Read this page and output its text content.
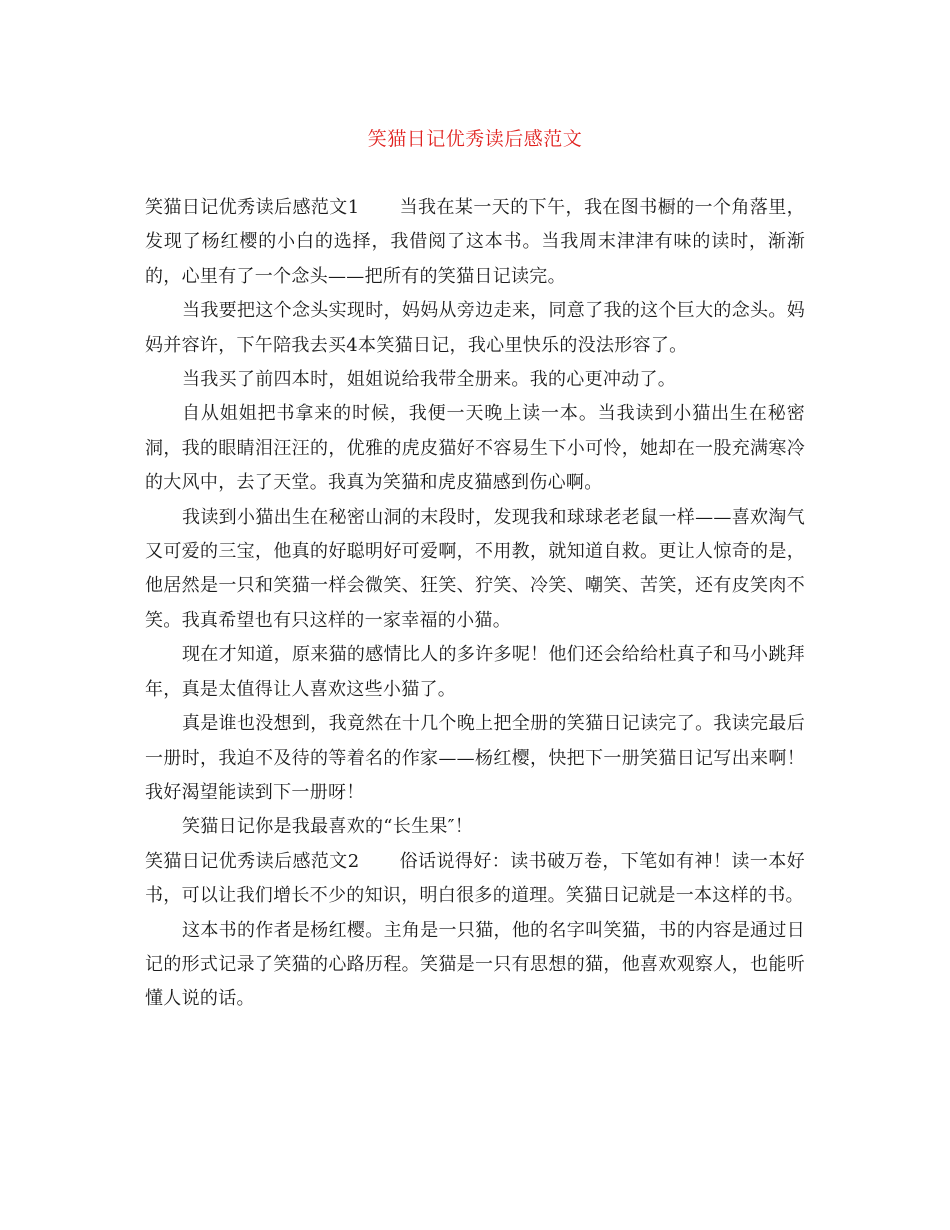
笑猫日记优秀读后感范文

笑猫日记优秀读后感范文1 当我在某一天的下午，我在图书橱的一个角落里，发现了杨红樱的小白的选择，我借阅了这本书。当我周末津津有味的读时，渐渐的，心里有了一个念头——把所有的笑猫日记读完。

当我要把这个念头实现时，妈妈从旁边走来，同意了我的这个巨大的念头。妈妈并容许，下午陪我去买4本笑猫日记，我心里快乐的没法形容了。

当我买了前四本时，姐姐说给我带全册来。我的心更冲动了。

自从姐姐把书拿来的时候，我便一天晚上读一本。当我读到小猫出生在秘密洞，我的眼睛泪汪汪的，优雅的虎皮猫好不容易生下小可怜，她却在一股充满寒冷的大风中，去了天堂。我真为笑猫和虎皮猫感到伤心啊。

我读到小猫出生在秘密山洞的末段时，发现我和球球老老鼠一样——喜欢淘气又可爱的三宝，他真的好聪明好可爱啊，不用教，就知道自救。更让人惊奇的是，他居然是一只和笑猫一样会微笑、狂笑、狞笑、冷笑、嘲笑、苦笑，还有皮笑肉不笑。我真希望也有只这样的一家幸福的小猫。

现在才知道，原来猫的感情比人的多许多呢！他们还会给给杜真子和马小跳拜年，真是太值得让人喜欢这些小猫了。

真是谁也没想到，我竟然在十几个晚上把全册的笑猫日记读完了。我读完最后一册时，我迫不及待的等着名的作家——杨红樱，快把下一册笑猫日记写出来啊！我好渴望能读到下一册呀！

笑猫日记你是我最喜欢的“长生果″！

笑猫日记优秀读后感范文2 俗话说得好：读书破万卷，下笔如有神！读一本好书，可以让我们增长不少的知识，明白很多的道理。笑猫日记就是一本这样的书。

这本书的作者是杨红樱。主角是一只猫，他的名字叫笑猫，书的内容是通过日记的形式记录了笑猫的心路历程。笑猫是一只有思想的猫，他喜欢观察人，也能听懂人说的话。
